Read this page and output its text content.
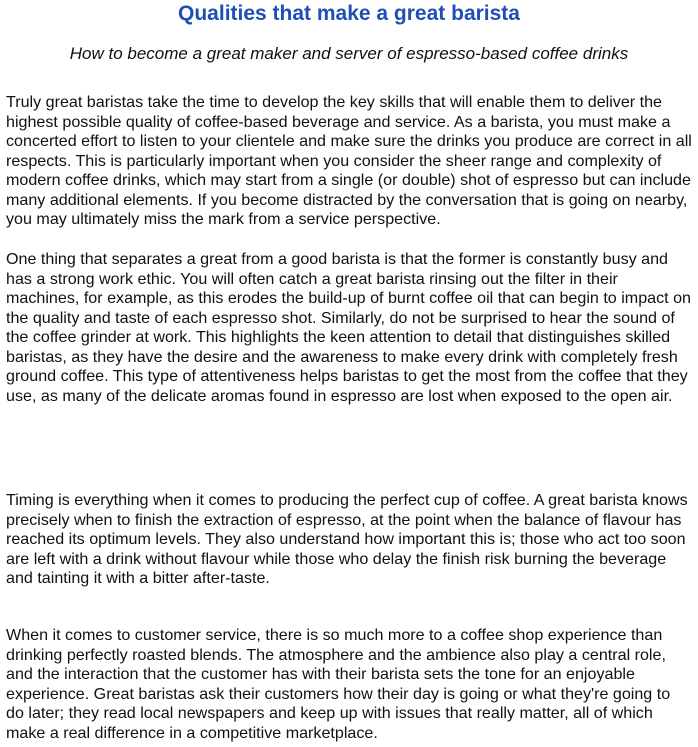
Qualities that make a great barista
How to become a great maker and server of espresso-based coffee drinks

Truly great baristas take the time to develop the key skills that will enable them to deliver the highest possible quality of coffee-based beverage and service. As a barista, you must make a concerted effort to listen to your clientele and make sure the drinks you produce are correct in all respects. This is particularly important when you consider the sheer range and complexity of modern coffee drinks, which may start from a single (or double) shot of espresso but can include many additional elements. If you become distracted by the conversation that is going on nearby, you may ultimately miss the mark from a service perspective.

One thing that separates a great from a good barista is that the former is constantly busy and has a strong work ethic. You will often catch a great barista rinsing out the filter in their machines, for example, as this erodes the build-up of burnt coffee oil that can begin to impact on the quality and taste of each espresso shot. Similarly, do not be surprised to hear the sound of the coffee grinder at work. This highlights the keen attention to detail that distinguishes skilled baristas, as they have the desire and the awareness to make every drink with completely fresh ground coffee. This type of attentiveness helps baristas to get the most from the coffee that they use, as many of the delicate aromas found in espresso are lost when exposed to the open air.

Timing is everything when it comes to producing the perfect cup of coffee. A great barista knows precisely when to finish the extraction of espresso, at the point when the balance of flavour has reached its optimum levels. They also understand how important this is; those who act too soon are left with a drink without flavour while those who delay the finish risk burning the beverage and tainting it with a bitter after-taste.

When it comes to customer service, there is so much more to a coffee shop experience than drinking perfectly roasted blends. The atmosphere and the ambience also play a central role, and the interaction that the customer has with their barista sets the tone for an enjoyable experience. Great baristas ask their customers how their day is going or what they're going to do later; they read local newspapers and keep up with issues that really matter, all of which make a real difference in a competitive marketplace.
